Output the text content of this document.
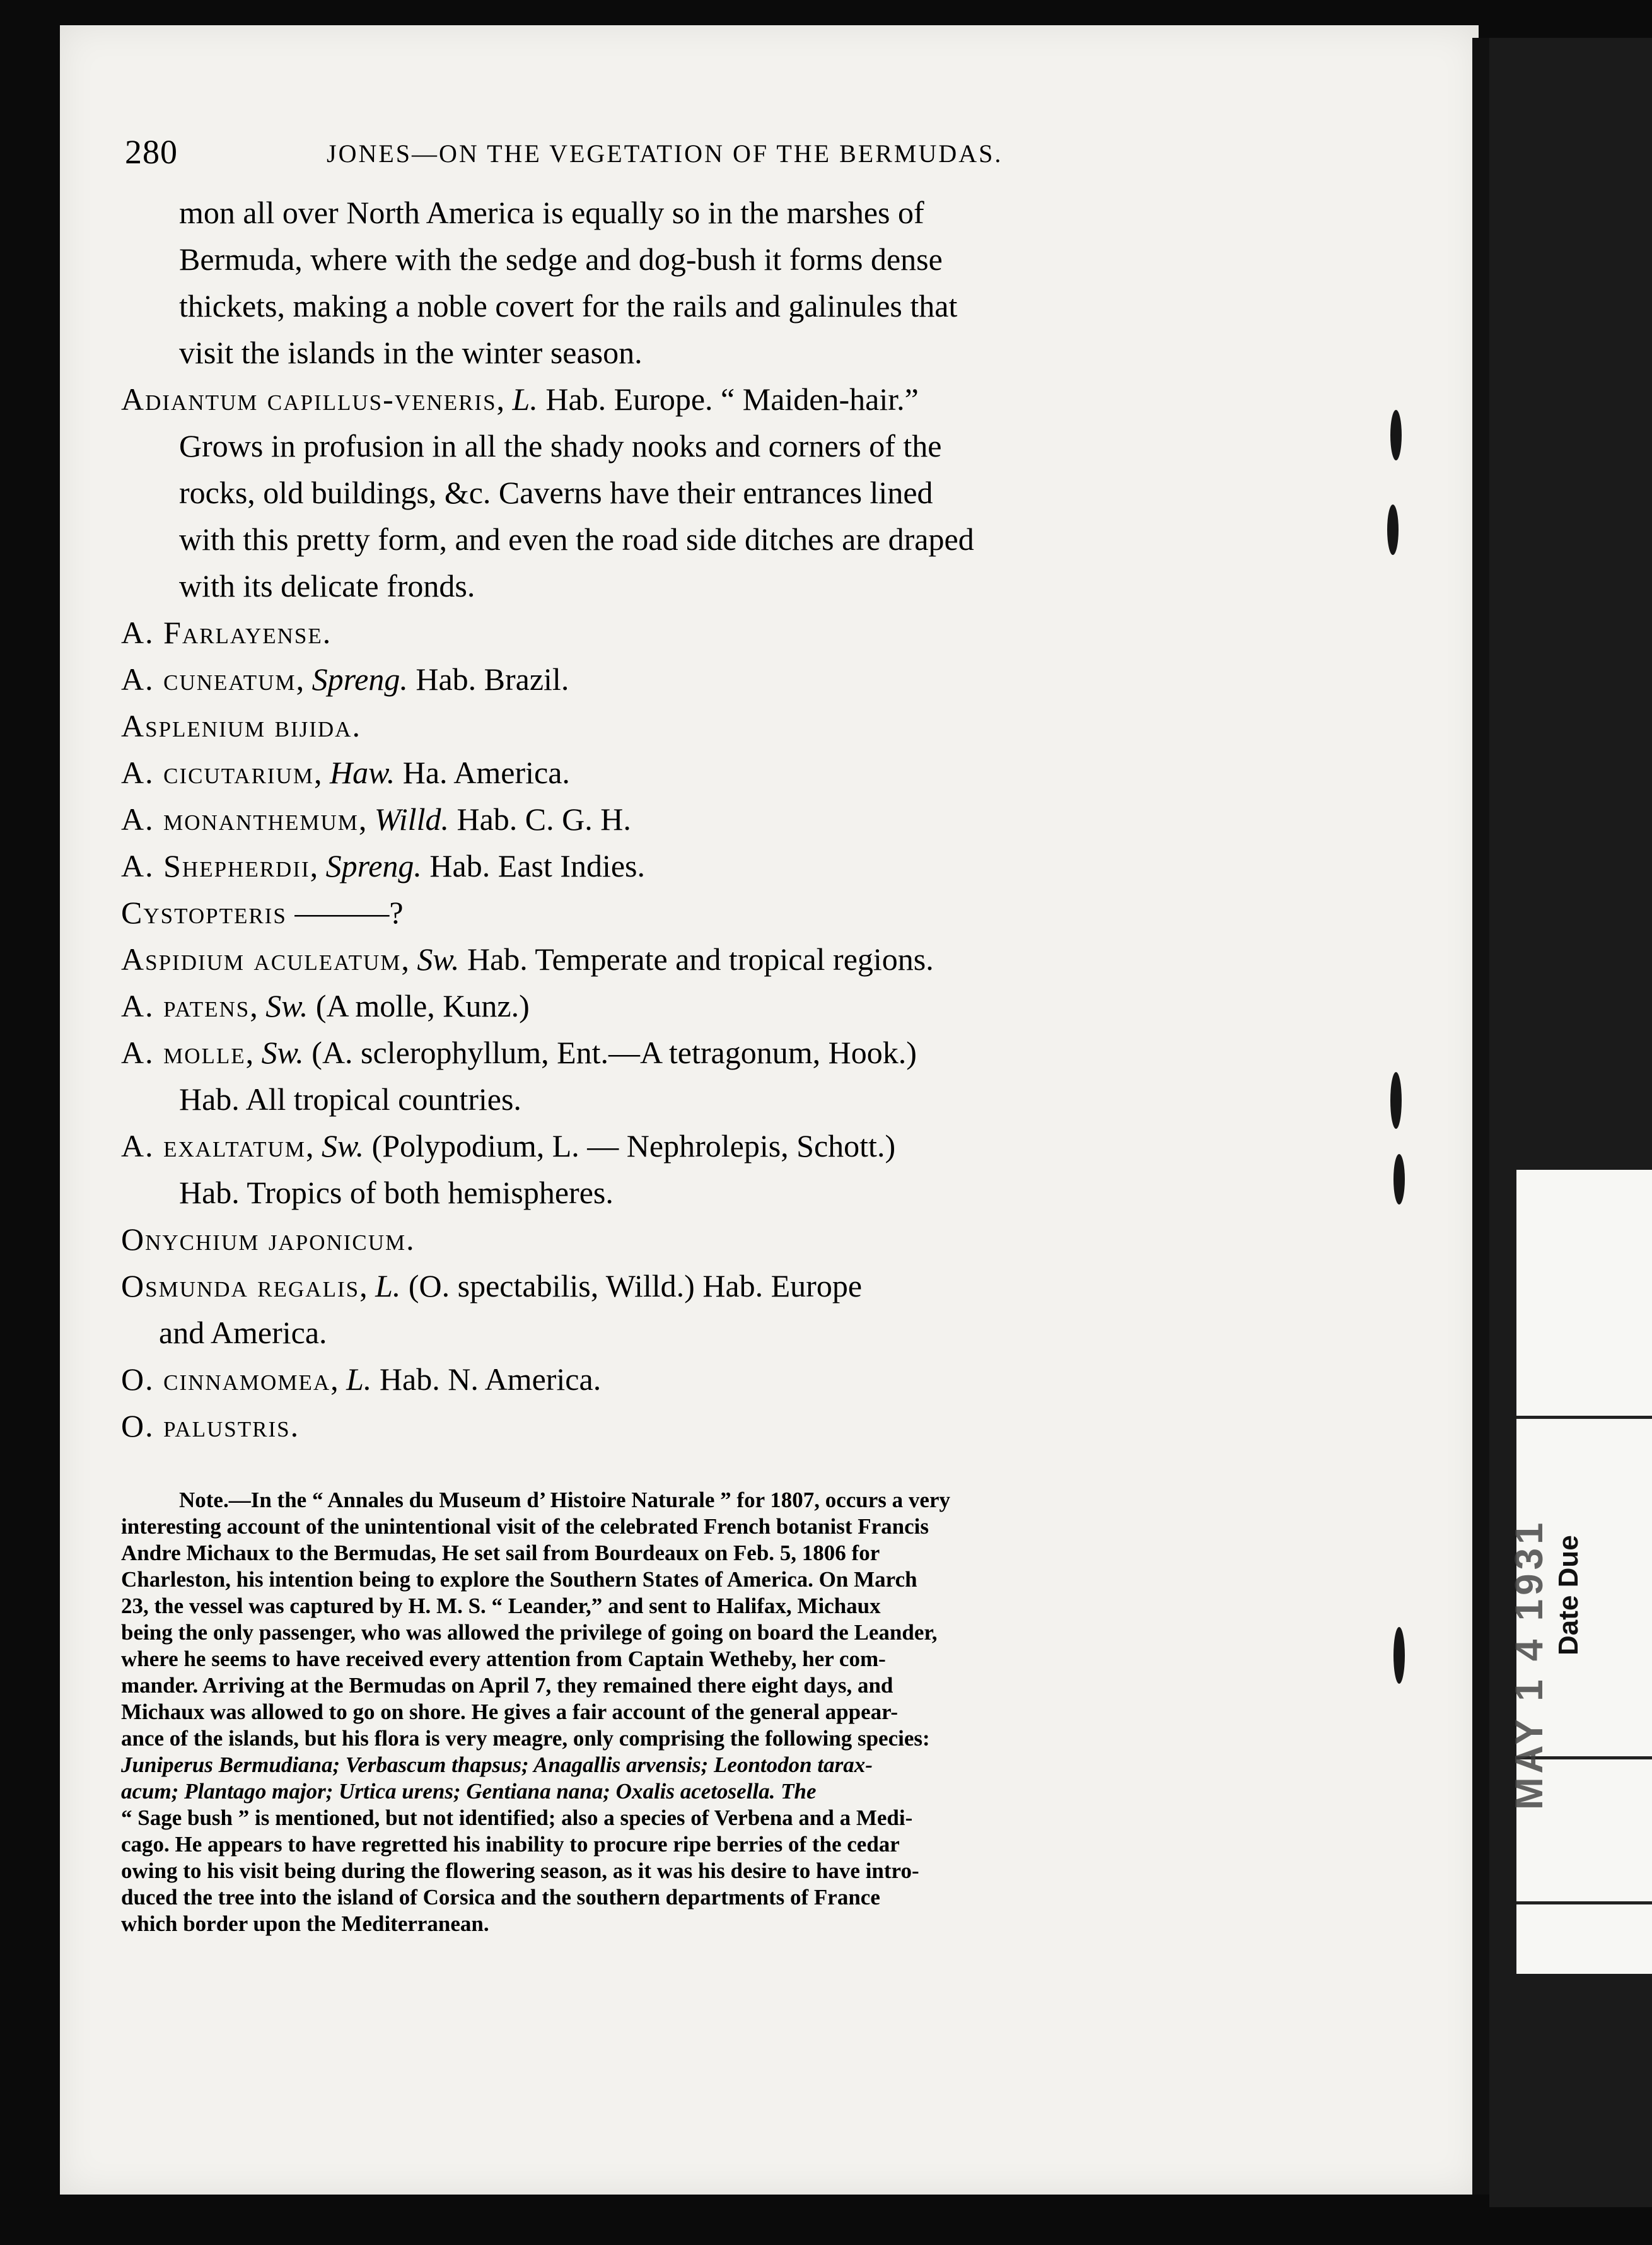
Date Due
MAY 1 4 1931
280	JONES—ON THE VEGETATION OF THE BERMUDAS.
mon all over North America is equally so in the marshes of
Bermuda, where with the sedge and dog-bush it forms dense
thickets, making a noble covert for the rails and galinules that
visit the islands in the winter season.
Adiantum capillus-veneris, L. Hab. Europe. “ Maiden-hair.”
Grows in profusion in all the shady nooks and corners of the
rocks, old buildings, &c. Caverns have their entrances lined
with this pretty form, and even the road side ditches are draped
with its delicate fronds.
A. Farlayense.
A. cuneatum, Spreng. Hab. Brazil.
Asplenium bijida.
A. cicutarium, Haw. Ha. America.
A. monanthemum, Willd. Hab. C. G. H.
A. Shepherdii, Spreng. Hab. East Indies.
Cystopteris ———?
Aspidium aculeatum, Sw. Hab. Temperate and tropical regions.
A. patens, Sw. (A molle, Kunz.)
A. molle, Sw. (A. sclerophyllum, Ent.—A tetragonum, Hook.)
Hab. All tropical countries.
A. exaltatum, Sw. (Polypodium, L. — Nephrolepis, Schott.)
Hab. Tropics of both hemispheres.
Onychium japonicum.
Osmunda regalis, L. (O. spectabilis, Willd.) Hab. Europe
and America.
O. cinnamomea, L. Hab. N. America.
O. palustris.
Note.—In the “ Annales du Museum d’ Histoire Naturale ” for 1807, occurs a very
interesting account of the unintentional visit of the celebrated French botanist Francis
Andre Michaux to the Bermudas, He set sail from Bourdeaux on Feb. 5, 1806 for
Charleston, his intention being to explore the Southern States of America. On March
23, the vessel was captured by H. M. S. “ Leander,” and sent to Halifax, Michaux
being the only passenger, who was allowed the privilege of going on board the Leander,
where he seems to have received every attention from Captain Wetheby, her com-
mander. Arriving at the Bermudas on April 7, they remained there eight days, and
Michaux was allowed to go on shore. He gives a fair account of the general appear-
ance of the islands, but his flora is very meagre, only comprising the following species:
Juniperus Bermudiana; Verbascum thapsus; Anagallis arvensis; Leontodon tarax-
acum; Plantago major; Urtica urens; Gentiana nana; Oxalis acetosella. The
“ Sage bush ” is mentioned, but not identified; also a species of Verbena and a Medi-
cago. He appears to have regretted his inability to procure ripe berries of the cedar
owing to his visit being during the flowering season, as it was his desire to have intro-
duced the tree into the island of Corsica and the southern departments of France
which border upon the Mediterranean.
